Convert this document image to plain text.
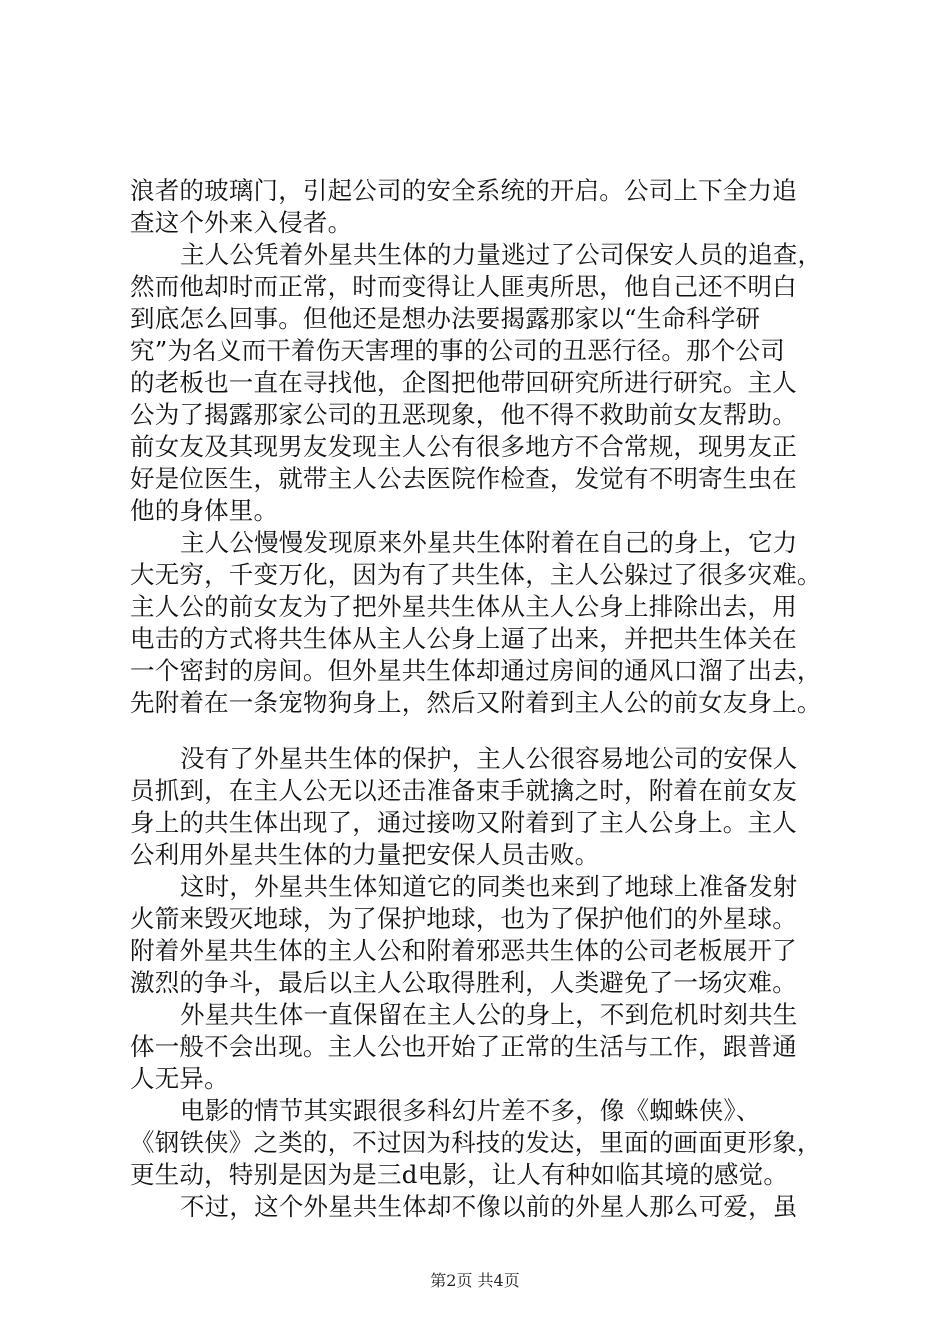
浪者的玻璃门，引起公司的安全系统的开启。公司上下全力追
查这个外来入侵者。
主人公凭着外星共生体的力量逃过了公司保安人员的追查，
然而他却时而正常，时而变得让人匪夷所思，他自己还不明白
到底怎么回事。但他还是想办法要揭露那家以“生命科学研
究”为名义而干着伤天害理的事的公司的丑恶行径。那个公司
的老板也一直在寻找他，企图把他带回研究所进行研究。主人
公为了揭露那家公司的丑恶现象，他不得不救助前女友帮助。
前女友及其现男友发现主人公有很多地方不合常规，现男友正
好是位医生，就带主人公去医院作检查，发觉有不明寄生虫在
他的身体里。
主人公慢慢发现原来外星共生体附着在自己的身上，它力
大无穷，千变万化，因为有了共生体，主人公躲过了很多灾难。
主人公的前女友为了把外星共生体从主人公身上排除出去，用
电击的方式将共生体从主人公身上逼了出来，并把共生体关在
一个密封的房间。但外星共生体却通过房间的通风口溜了出去，
先附着在一条宠物狗身上，然后又附着到主人公的前女友身上。
没有了外星共生体的保护，主人公很容易地公司的安保人
员抓到，在主人公无以还击准备束手就擒之时，附着在前女友
身上的共生体出现了，通过接吻又附着到了主人公身上。主人
公利用外星共生体的力量把安保人员击败。
这时，外星共生体知道它的同类也来到了地球上准备发射
火箭来毁灭地球，为了保护地球，也为了保护他们的外星球。
附着外星共生体的主人公和附着邪恶共生体的公司老板展开了
激烈的争斗，最后以主人公取得胜利，人类避免了一场灾难。
外星共生体一直保留在主人公的身上，不到危机时刻共生
体一般不会出现。主人公也开始了正常的生活与工作，跟普通
人无异。
电影的情节其实跟很多科幻片差不多，像《蜘蛛侠》、
《钢铁侠》之类的，不过因为科技的发达，里面的画面更形象，
更生动，特别是因为是三d电影，让人有种如临其境的感觉。
不过，这个外星共生体却不像以前的外星人那么可爱，虽
第2页 共4页
